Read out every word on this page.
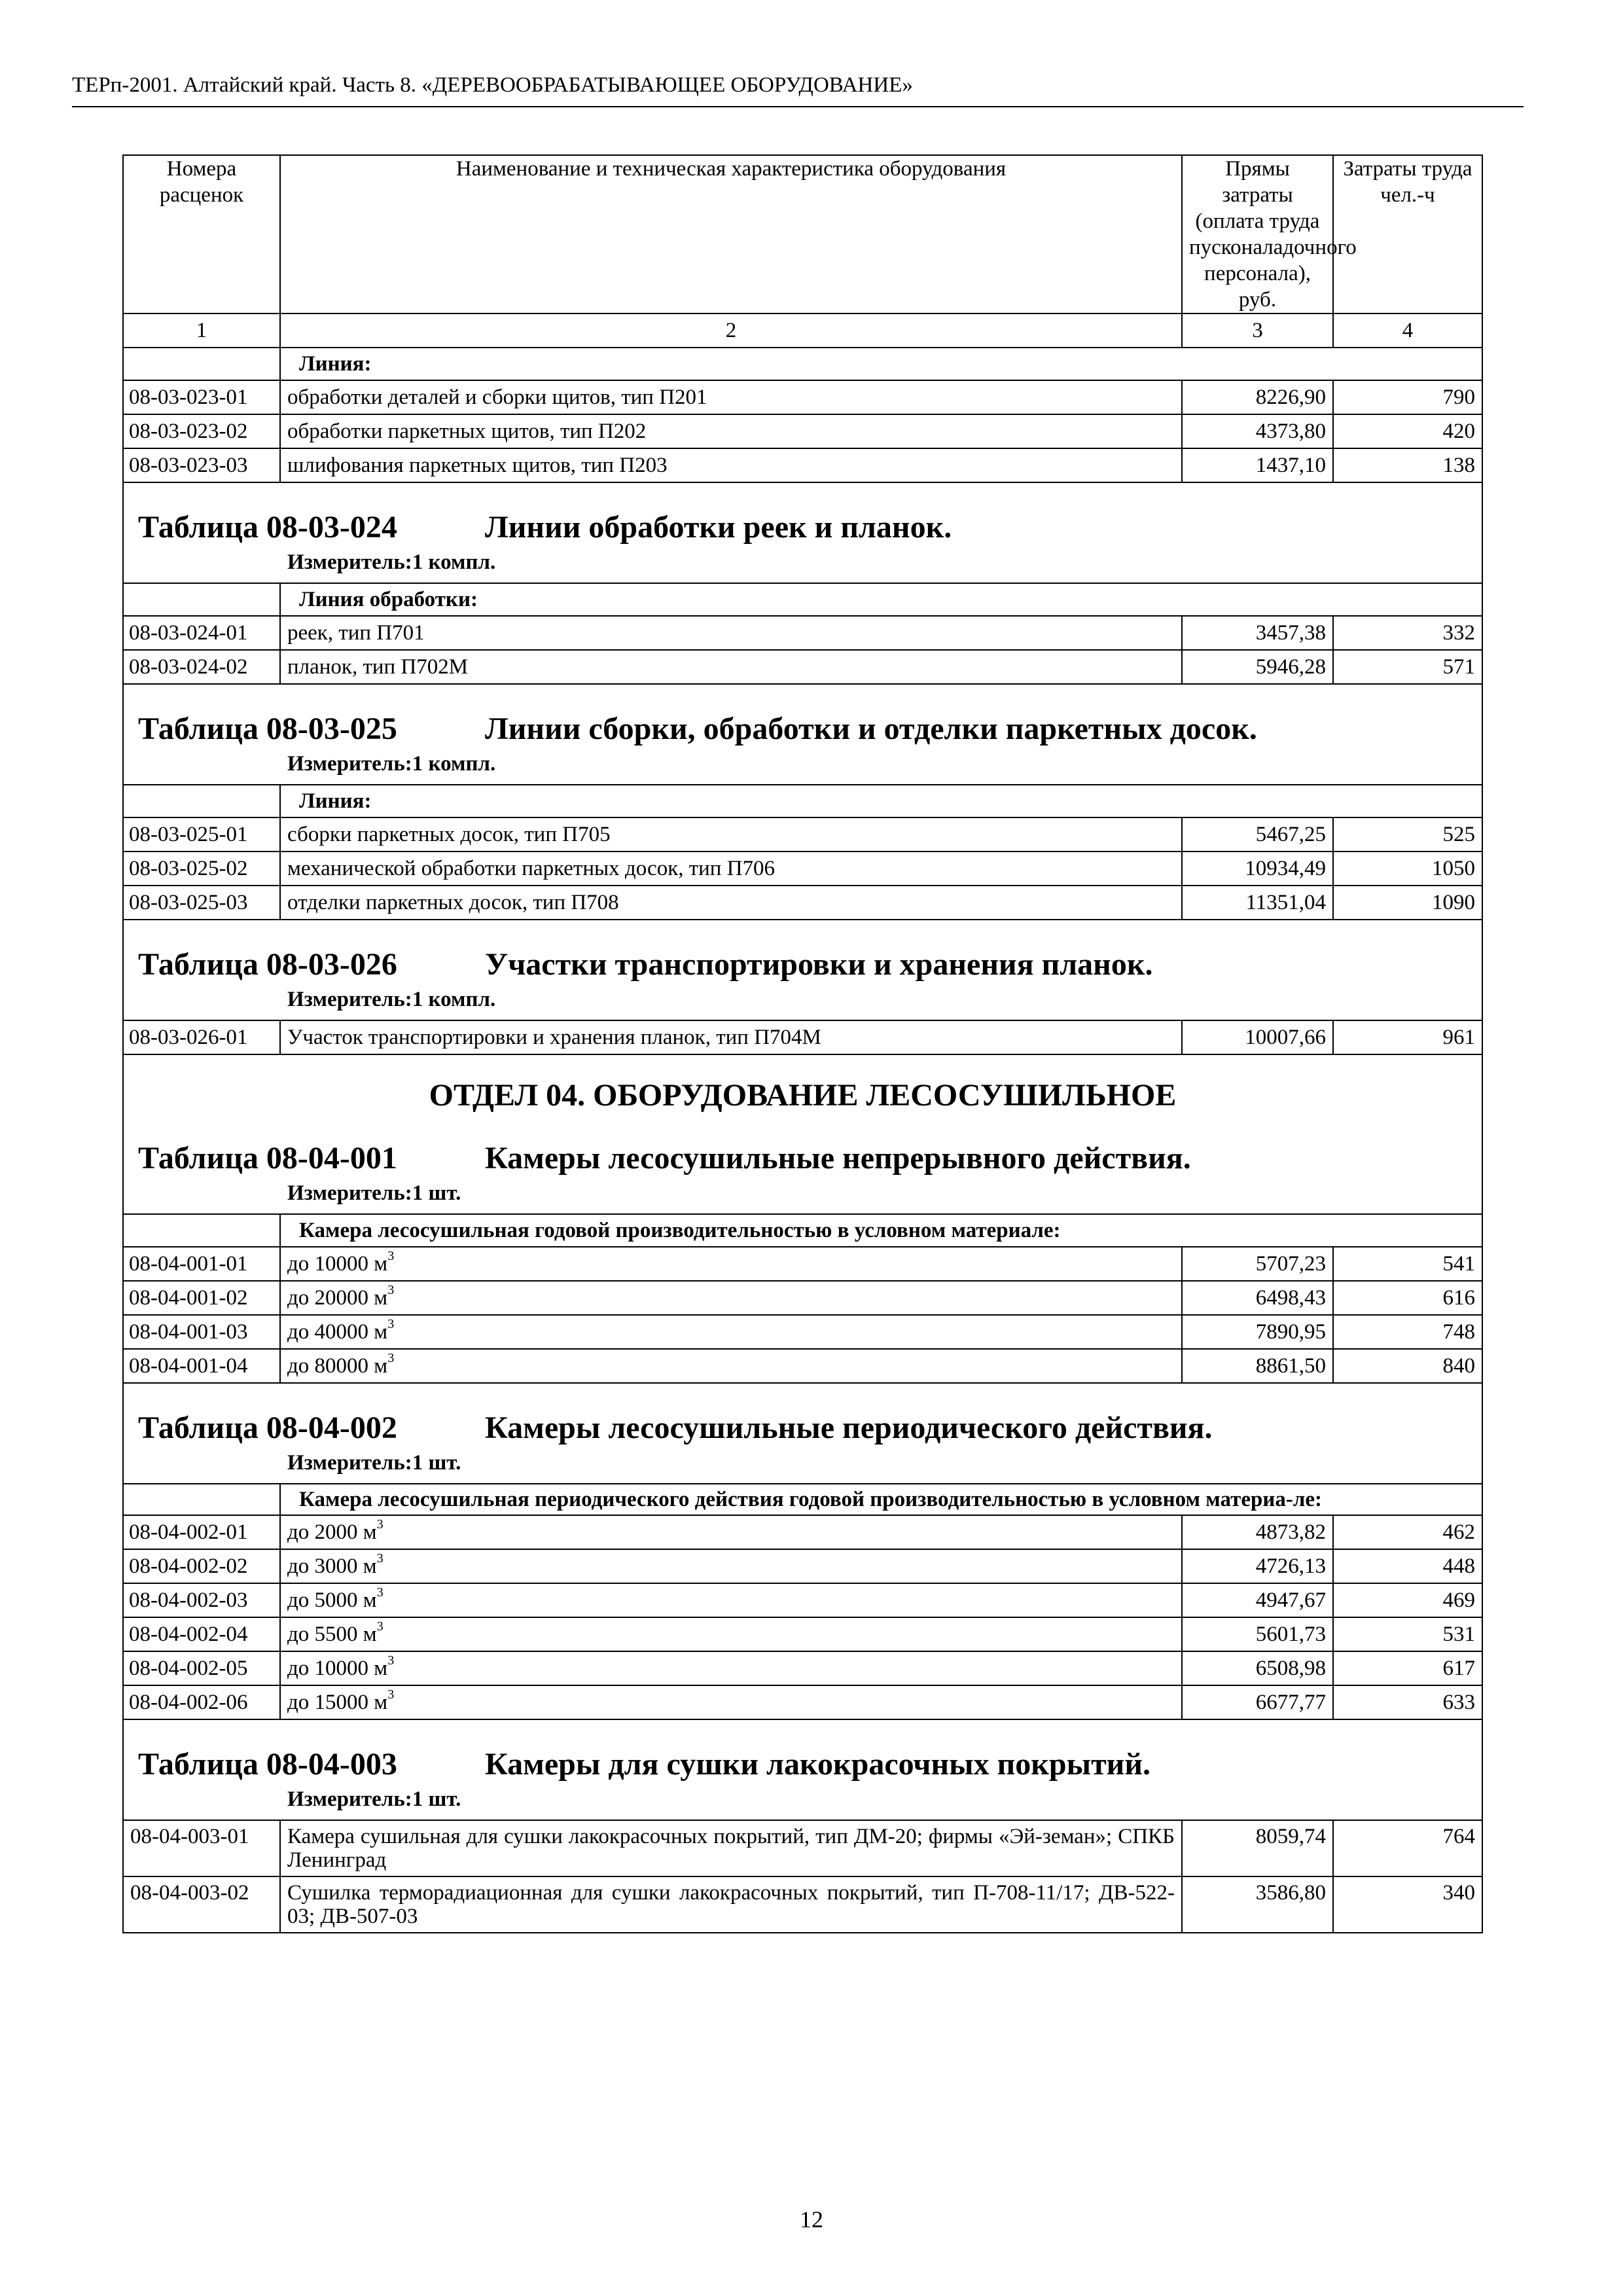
ТЕРп-2001. Алтайский край. Часть 8. «ДЕРЕВООБРАБАТЫВАЮЩЕЕ ОБОРУДОВАНИЕ»
Номера расценок	Наименование и техническая характеристика оборудования	Прямы затраты (оплата труда пусконаладочного персонала), руб.	Затраты труда чел.-ч
1	2	3	4
	Линия:		
08-03-023-01	обработки деталей и сборки щитов, тип П201	8226,90	790
08-03-023-02	обработки паркетных щитов, тип П202	4373,80	420
08-03-023-03	шлифования паркетных щитов, тип П203	1437,10	138

Таблица 08-03-024 Линии обработки реек и планок.
Измеритель:1 компл.			

	Линия обработки:		
08-03-024-01	реек, тип П701	3457,38	332
08-03-024-02	планок, тип П702М	5946,28	571

Таблица 08-03-025 Линии сборки, обработки и отделки паркетных досок.
Измеритель:1 компл.			

	Линия:		
08-03-025-01	сборки паркетных досок, тип П705	5467,25	525
08-03-025-02	механической обработки паркетных досок, тип П706	10934,49	1050
08-03-025-03	отделки паркетных досок, тип П708	11351,04	1090

Таблица 08-03-026 Участки транспортировки и хранения планок.
Измеритель:1 компл.			

08-03-026-01	Участок транспортировки и хранения планок, тип П704М	10007,66	961

ОТДЕЛ 04. ОБОРУДОВАНИЕ ЛЕСОСУШИЛЬНОЕ
Таблица 08-04-001 Камеры лесосушильные непрерывного действия.
Измеритель:1 шт.			

	Камера лесосушильная годовой производительностью в условном материале:		
08-04-001-01	до 10000 $м^3$	5707,23	541
08-04-001-02	до 20000 $м^3$	6498,43	616
08-04-001-03	до 40000 $м^3$	7890,95	748
08-04-001-04	до 80000 $м^3$	8861,50	840

Таблица 08-04-002 Камеры лесосушильные периодического действия.
Измеритель:1 шт.			

	Камера лесосушильная периодического действия годовой производительностью в условном материа-ле:		
08-04-002-01	до 2000 $м^3$	4873,82	462
08-04-002-02	до 3000 $м^3$	4726,13	448
08-04-002-03	до 5000 $м^3$	4947,67	469
08-04-002-04	до 5500 $м^3$	5601,73	531
08-04-002-05	до 10000 $м^3$	6508,98	617
08-04-002-06	до 15000 $м^3$	6677,77	633

Таблица 08-04-003 Камеры для сушки лакокрасочных покрытий.
Измеритель:1 шт.			

08-04-003-01	Камера сушильная для сушки лакокрасочных покрытий, тип ДМ-20; фирмы «Эй-земан»; СПКБ Ленинград	8059,74	764
08-04-003-02	Сушилка терморадиационная для сушки лакокрасочных покрытий, тип П-708-11/17; ДВ-522-03; ДВ-507-03	3586,80	340
12
